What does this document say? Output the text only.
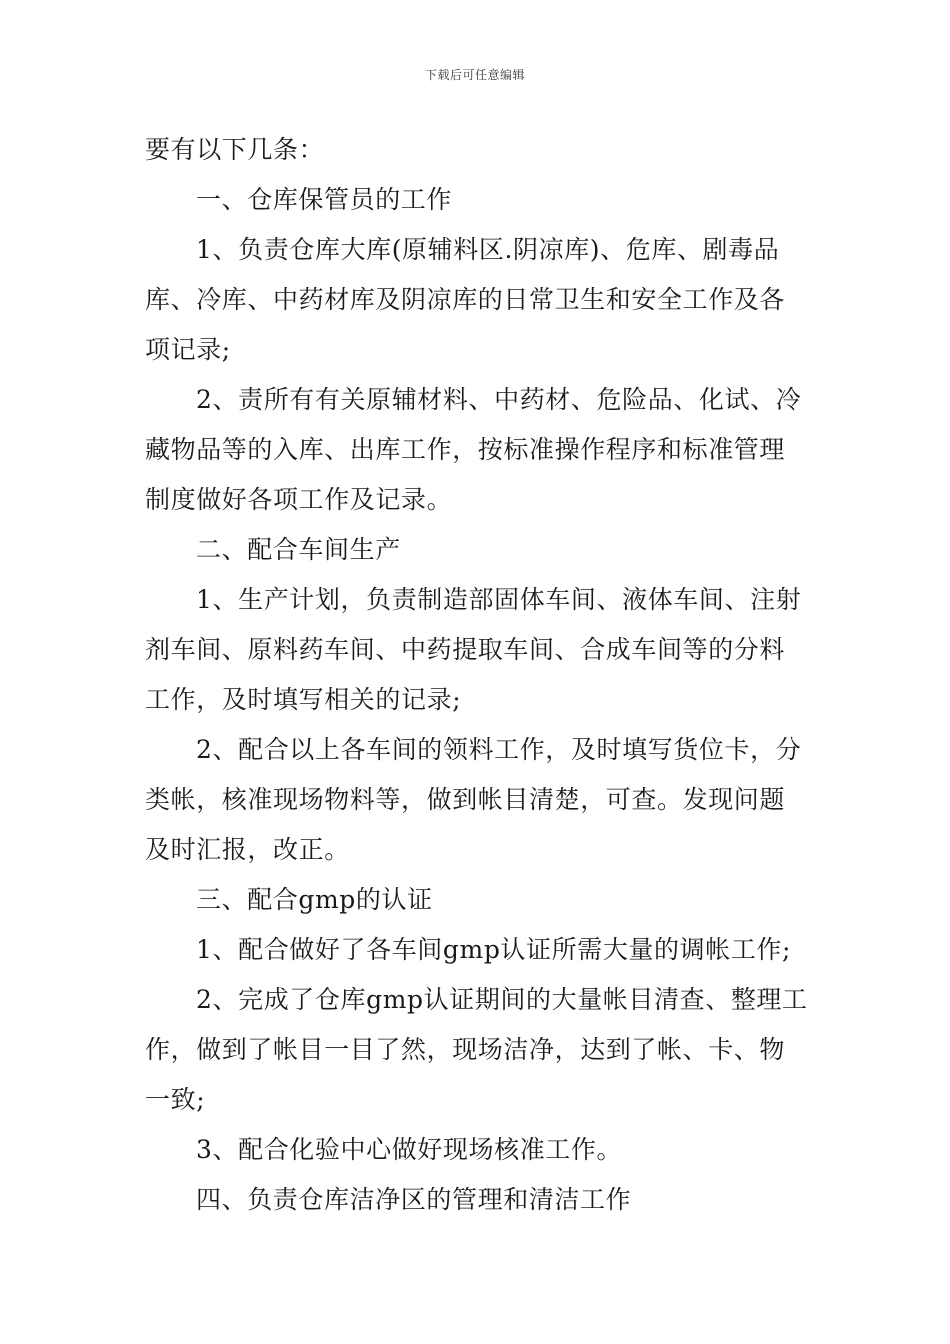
下载后可任意编辑

要有以下几条：

一、仓库保管员的工作

1、负责仓库大库(原辅料区.阴凉库)、危库、剧毒品库、冷库、中药材库及阴凉库的日常卫生和安全工作及各项记录;

2、责所有有关原辅材料、中药材、危险品、化试、冷藏物品等的入库、出库工作，按标准操作程序和标准管理制度做好各项工作及记录。

二、配合车间生产

1、生产计划，负责制造部固体车间、液体车间、注射剂车间、原料药车间、中药提取车间、合成车间等的分料工作，及时填写相关的记录;

2、配合以上各车间的领料工作，及时填写货位卡，分类帐，核准现场物料等，做到帐目清楚，可查。发现问题及时汇报，改正。

三、配合gmp的认证

1、配合做好了各车间gmp认证所需大量的调帐工作;

2、完成了仓库gmp认证期间的大量帐目清查、整理工作，做到了帐目一目了然，现场洁净，达到了帐、卡、物一致;

3、配合化验中心做好现场核准工作。

四、负责仓库洁净区的管理和清洁工作
